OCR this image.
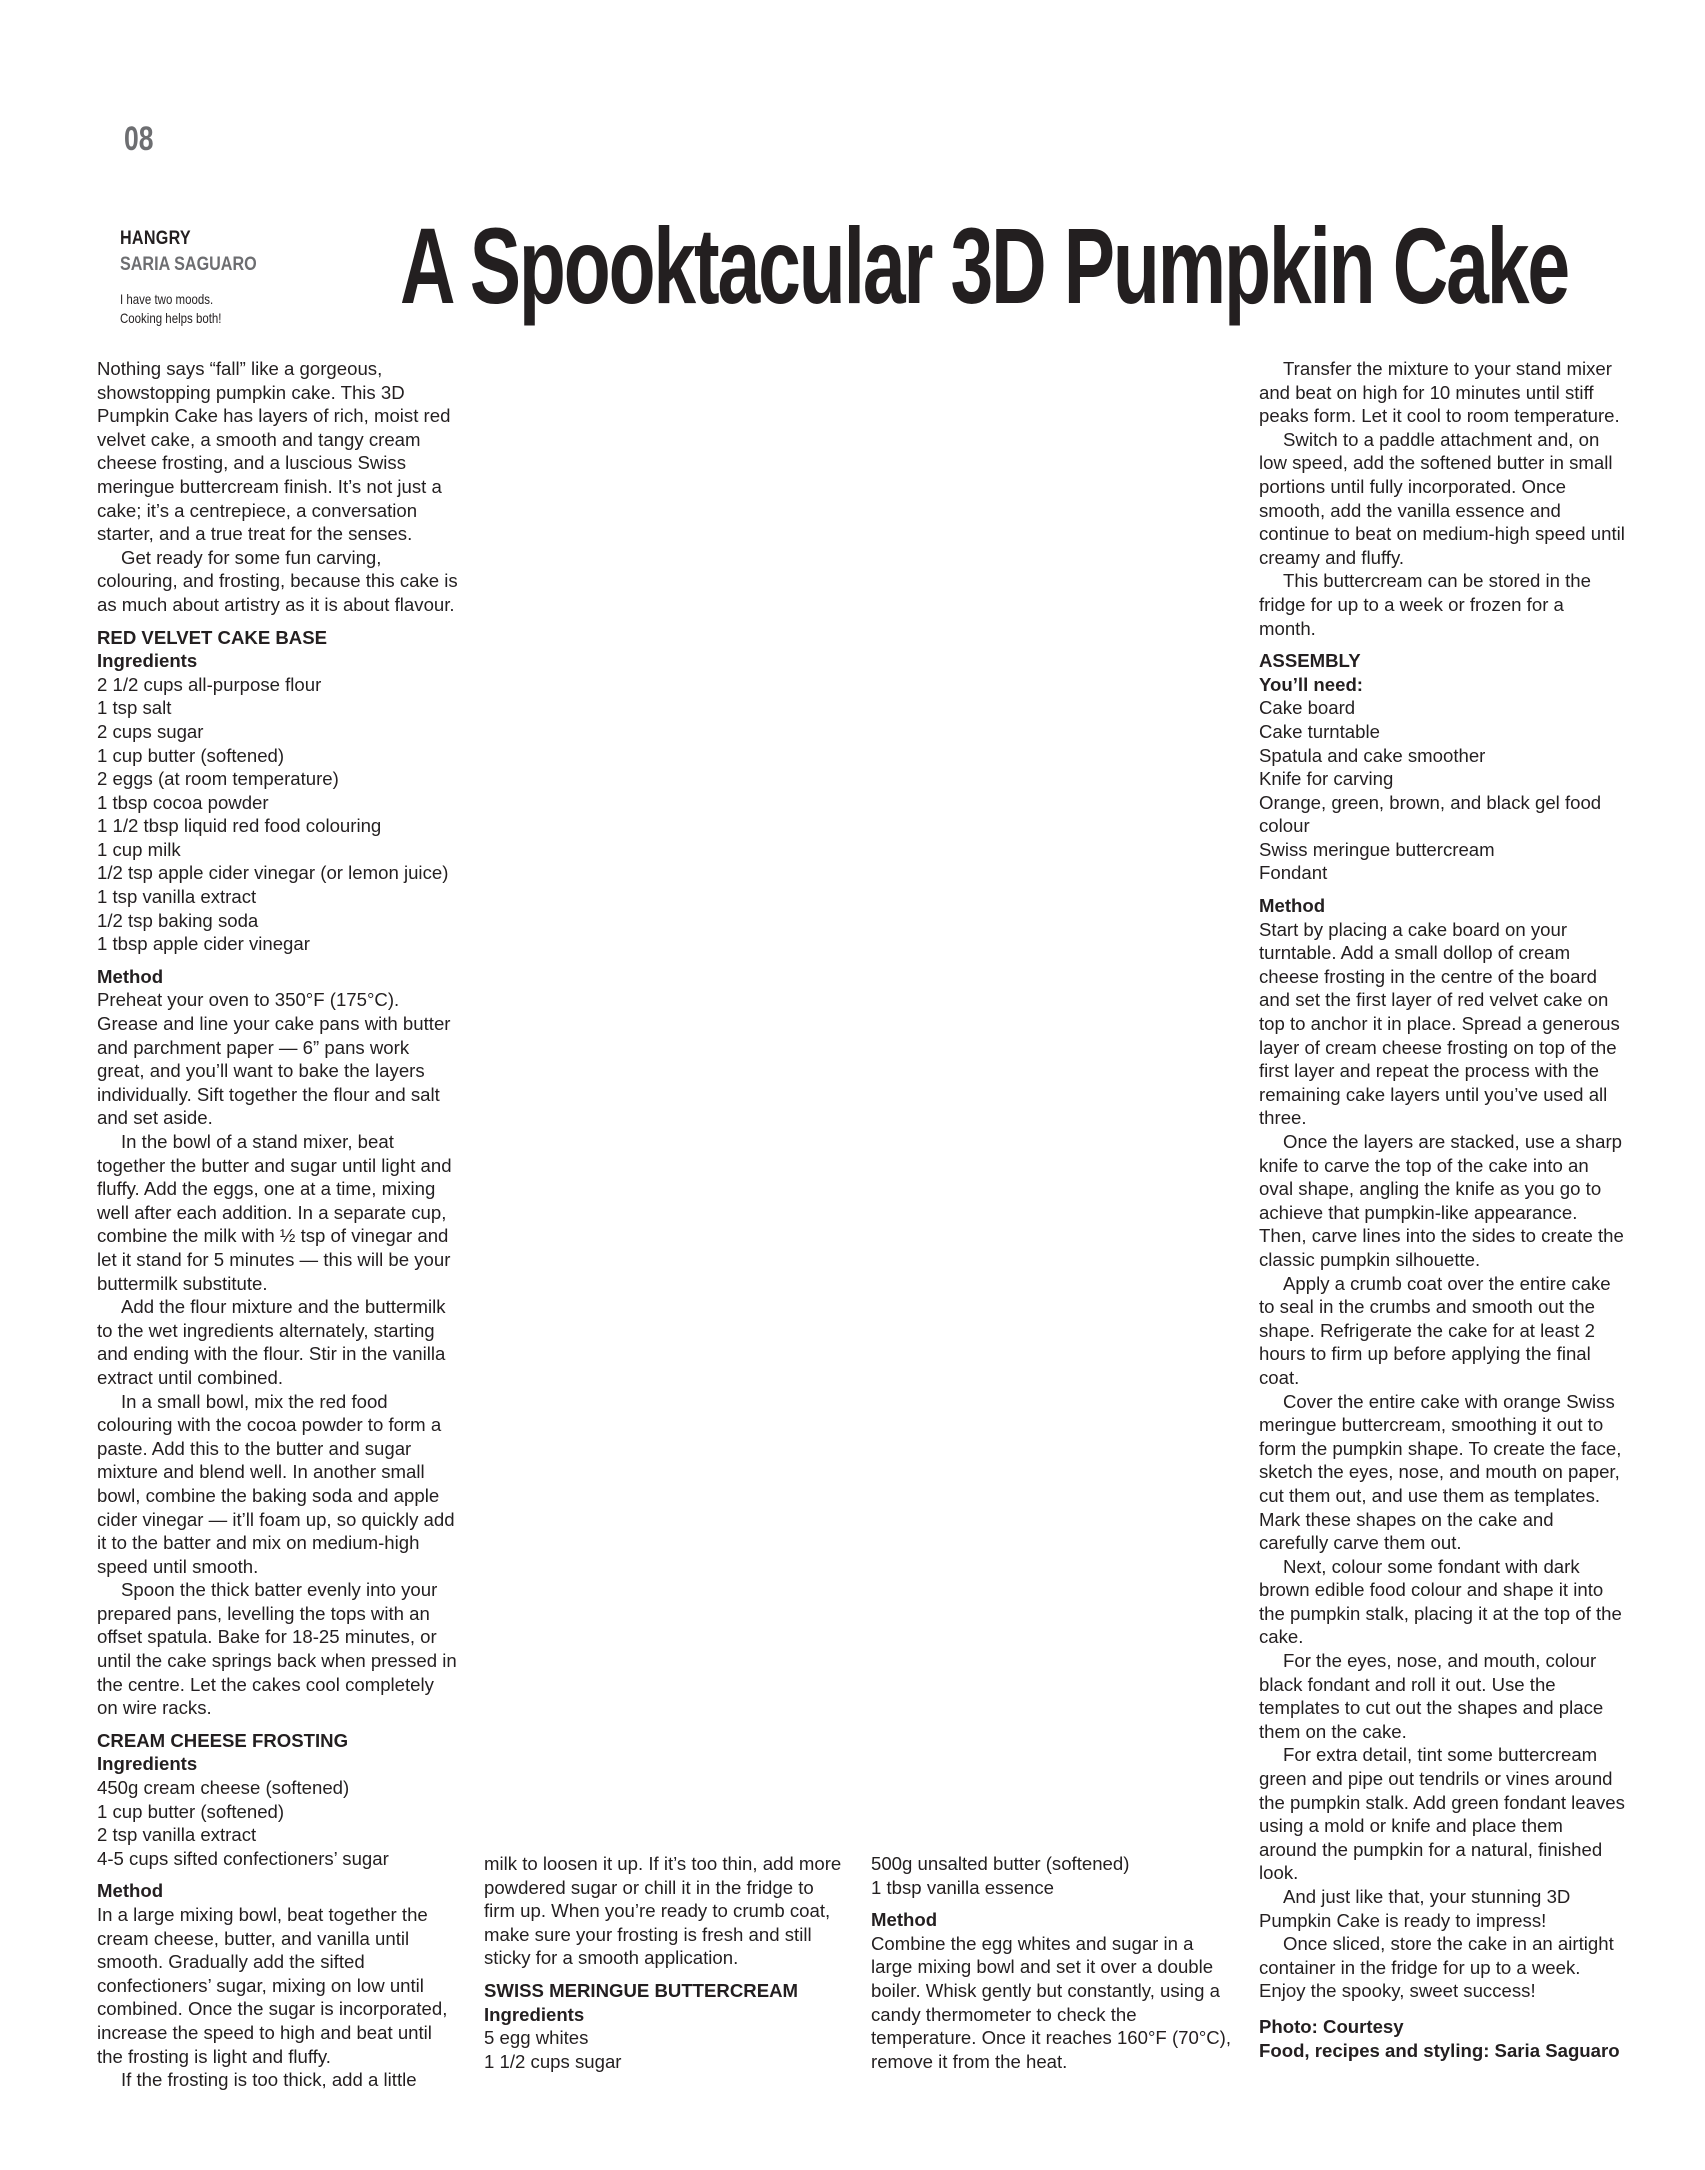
08
HANGRY
SARIA SAGUARO
I have two moods.
Cooking helps both!	A Spooktacular 3D Pumpkin Cake

Nothing says “fall” like a gorgeous, showstopping pumpkin cake. This 3D Pumpkin Cake has layers of rich, moist red velvet cake, a smooth and tangy cream cheese frosting, and a luscious Swiss meringue buttercream finish. It’s not just a cake; it’s a centrepiece, a conversation starter, and a true treat for the senses.

Get ready for some fun carving, colouring, and frosting, because this cake is as much about artistry as it is about flavour.

RED VELVET CAKE BASE
Ingredients

2 1/2 cups all-purpose flour

1 tsp salt

2 cups sugar

1 cup butter (softened)

2 eggs (at room temperature)

1 tbsp cocoa powder

1 1/2 tbsp liquid red food colouring

1 cup milk

1/2 tsp apple cider vinegar (or lemon juice)

1 tsp vanilla extract

1/2 tsp baking soda

1 tbsp apple cider vinegar

Method

Preheat your oven to 350°F (175°C). Grease and line your cake pans with butter and parchment paper — 6” pans work great, and you’ll want to bake the layers individually. Sift together the flour and salt and set aside.

In the bowl of a stand mixer, beat together the butter and sugar until light and fluffy. Add the eggs, one at a time, mixing well after each addition. In a separate cup, combine the milk with ½ tsp of vinegar and let it stand for 5 minutes — this will be your buttermilk substitute.

Add the flour mixture and the buttermilk to the wet ingredients alternately, starting and ending with the flour. Stir in the vanilla extract until combined.

In a small bowl, mix the red food colouring with the cocoa powder to form a paste. Add this to the butter and sugar mixture and blend well. In another small bowl, combine the baking soda and apple cider vinegar — it’ll foam up, so quickly add it to the batter and mix on medium-high speed until smooth.

Spoon the thick batter evenly into your prepared pans, levelling the tops with an offset spatula. Bake for 18-25 minutes, or until the cake springs back when pressed in the centre. Let the cakes cool completely on wire racks.

CREAM CHEESE FROSTING
Ingredients

450g cream cheese (softened)

1 cup butter (softened)

2 tsp vanilla extract

4-5 cups sifted confectioners’ sugar

Method

In a large mixing bowl, beat together the cream cheese, butter, and vanilla until smooth. Gradually add the sifted confectioners’ sugar, mixing on low until combined. Once the sugar is incorporated, increase the speed to high and beat until the frosting is light and fluffy.

If the frosting is too thick, add a little

milk to loosen it up. If it’s too thin, add more powdered sugar or chill it in the fridge to firm up. When you’re ready to crumb coat, make sure your frosting is fresh and still sticky for a smooth application.

SWISS MERINGUE BUTTERCREAM
Ingredients

5 egg whites

1 1/2 cups sugar

500g unsalted butter (softened)

1 tbsp vanilla essence

Method

Combine the egg whites and sugar in a large mixing bowl and set it over a double boiler. Whisk gently but constantly, using a candy thermometer to check the temperature. Once it reaches 160°F (70°C), remove it from the heat.

Transfer the mixture to your stand mixer and beat on high for 10 minutes until stiff peaks form. Let it cool to room temperature.

Switch to a paddle attachment and, on low speed, add the softened butter in small portions until fully incorporated. Once smooth, add the vanilla essence and continue to beat on medium-high speed until creamy and fluffy.

This buttercream can be stored in the fridge for up to a week or frozen for a month.

ASSEMBLY
You’ll need:

Cake board

Cake turntable

Spatula and cake smoother

Knife for carving

Orange, green, brown, and black gel food colour

Swiss meringue buttercream

Fondant

Method

Start by placing a cake board on your turntable. Add a small dollop of cream cheese frosting in the centre of the board and set the first layer of red velvet cake on top to anchor it in place. Spread a generous layer of cream cheese frosting on top of the first layer and repeat the process with the remaining cake layers until you’ve used all three.

Once the layers are stacked, use a sharp knife to carve the top of the cake into an oval shape, angling the knife as you go to achieve that pumpkin-like appearance. Then, carve lines into the sides to create the classic pumpkin silhouette.

Apply a crumb coat over the entire cake to seal in the crumbs and smooth out the shape. Refrigerate the cake for at least 2 hours to firm up before applying the final coat.

Cover the entire cake with orange Swiss meringue buttercream, smoothing it out to form the pumpkin shape. To create the face, sketch the eyes, nose, and mouth on paper, cut them out, and use them as templates. Mark these shapes on the cake and carefully carve them out.

Next, colour some fondant with dark brown edible food colour and shape it into the pumpkin stalk, placing it at the top of the cake.

For the eyes, nose, and mouth, colour black fondant and roll it out. Use the templates to cut out the shapes and place them on the cake.

For extra detail, tint some buttercream green and pipe out tendrils or vines around the pumpkin stalk. Add green fondant leaves using a mold or knife and place them around the pumpkin for a natural, finished look.

And just like that, your stunning 3D Pumpkin Cake is ready to impress!

Once sliced, store the cake in an airtight container in the fridge for up to a week. Enjoy the spooky, sweet success!

Photo: Courtesy

Food, recipes and styling: Saria Saguaro
